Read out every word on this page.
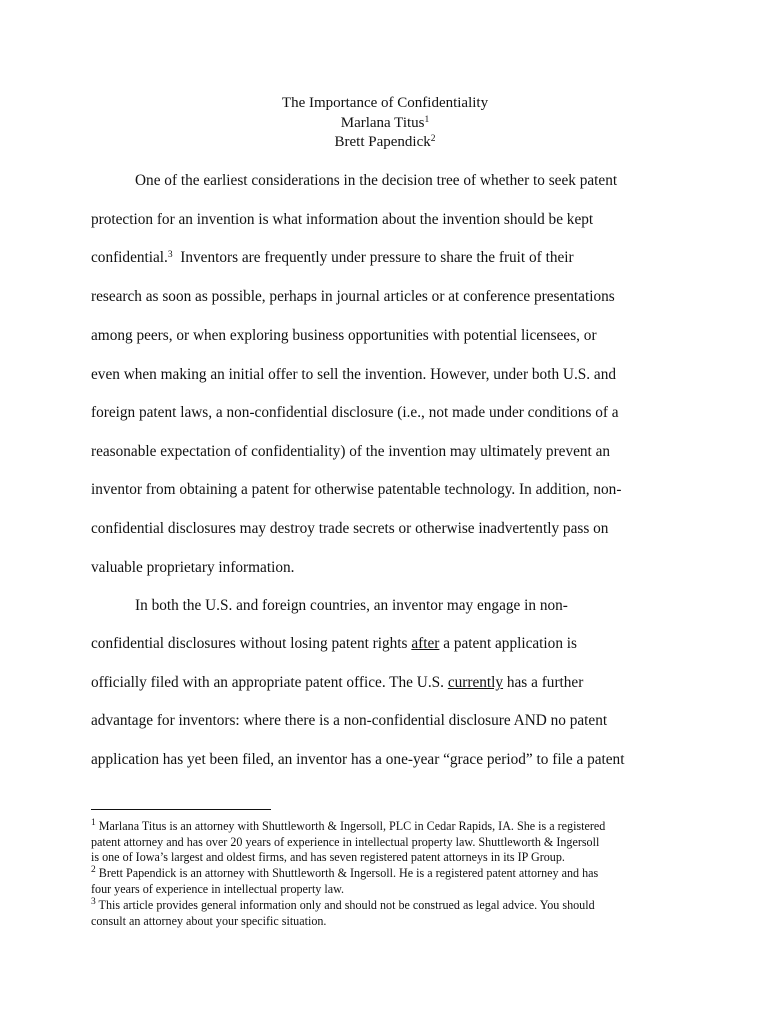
The Importance of Confidentiality
Marlana Titus$^1$
Brett Papendick$^2$
One of the earliest considerations in the decision tree of whether to seek patent
protection for an invention is what information about the invention should be kept
confidential.$^3$  Inventors are frequently under pressure to share the fruit of their
research as soon as possible, perhaps in journal articles or at conference presentations
among peers, or when exploring business opportunities with potential licensees, or
even when making an initial offer to sell the invention. However, under both U.S. and
foreign patent laws, a non-confidential disclosure (i.e., not made under conditions of a
reasonable expectation of confidentiality) of the invention may ultimately prevent an
inventor from obtaining a patent for otherwise patentable technology. In addition, non-
confidential disclosures may destroy trade secrets or otherwise inadvertently pass on
valuable proprietary information.
In both the U.S. and foreign countries, an inventor may engage in non-
confidential disclosures without losing patent rights after a patent application is
officially filed with an appropriate patent office. The U.S. currently has a further
advantage for inventors: where there is a non-confidential disclosure AND no patent
application has yet been filed, an inventor has a one-year “grace period” to file a patent
$^1$ Marlana Titus is an attorney with Shuttleworth & Ingersoll, PLC in Cedar Rapids, IA. She is a registered
patent attorney and has over 20 years of experience in intellectual property law. Shuttleworth & Ingersoll
is one of Iowa’s largest and oldest firms, and has seven registered patent attorneys in its IP Group.
$^2$ Brett Papendick is an attorney with Shuttleworth & Ingersoll. He is a registered patent attorney and has
four years of experience in intellectual property law.
$^3$ This article provides general information only and should not be construed as legal advice. You should
consult an attorney about your specific situation.
